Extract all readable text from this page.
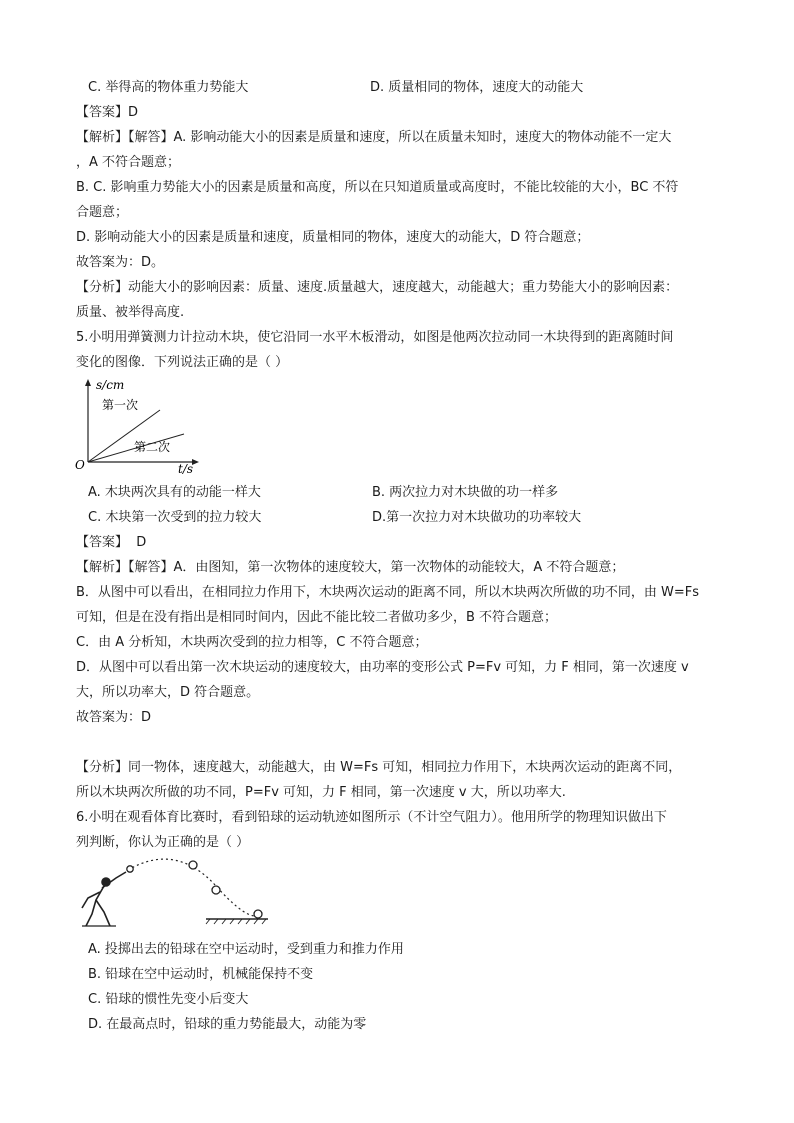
C. 举得高的物体重力势能大	D. 质量相同的物体，速度大的动能大
【答案】D
【解析】【解答】A. 影响动能大小的因素是质量和速度，所以在质量未知时，速度大的物体动能不一定大
，A 不符合题意；
B. C. 影响重力势能大小的因素是质量和高度，所以在只知道质量或高度时，不能比较能的大小，BC 不符
合题意；
D. 影响动能大小的因素是质量和速度，质量相同的物体，速度大的动能大，D 符合题意；
故答案为：D。
【分析】动能大小的影响因素：质量、速度.质量越大，速度越大，动能越大；重力势能大小的影响因素：
质量、被举得高度.
5.小明用弹簧测力计拉动木块，使它沿同一水平木板滑动，如图是他两次拉动同一木块得到的距离随时间
变化的图像．下列说法正确的是（ ）
s/cm
t/s
O
第一次
第二次
A. 木块两次具有的动能一样大	B. 两次拉力对木块做的功一样多
C. 木块第一次受到的拉力较大	D.第一次拉力对木块做功的功率较大
【答案】 D
【解析】【解答】A．由图知，第一次物体的速度较大，第一次物体的动能较大，A 不符合题意；
B．从图中可以看出，在相同拉力作用下，木块两次运动的距离不同，所以木块两次所做的功不同，由 W=Fs
可知，但是在没有指出是相同时间内，因此不能比较二者做功多少，B 不符合题意；
C．由 A 分析知，木块两次受到的拉力相等，C 不符合题意；
D．从图中可以看出第一次木块运动的速度较大，由功率的变形公式 P=Fv 可知，力 F 相同，第一次速度 v
大，所以功率大，D 符合题意。
故答案为：D
【分析】同一物体，速度越大，动能越大，由 W=Fs 可知，相同拉力作用下，木块两次运动的距离不同，
所以木块两次所做的功不同，P=Fv 可知，力 F 相同，第一次速度 v 大，所以功率大.
6.小明在观看体育比赛时，看到铅球的运动轨迹如图所示（不计空气阻力）。他用所学的物理知识做出下
列判断，你认为正确的是（ ）
A. 投掷出去的铅球在空中运动时，受到重力和推力作用
B. 铅球在空中运动时，机械能保持不变
C. 铅球的惯性先变小后变大
D. 在最高点时，铅球的重力势能最大，动能为零
